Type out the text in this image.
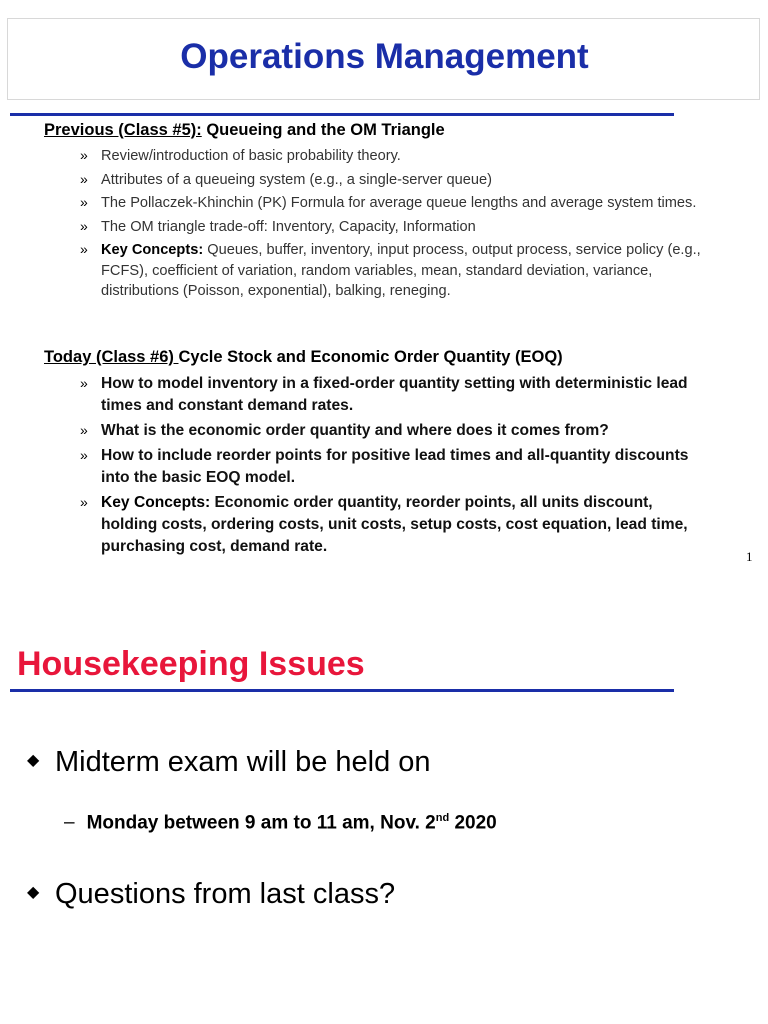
Operations Management
Previous (Class #5): Queueing and the OM Triangle
» Review/introduction of basic probability theory.
» Attributes of a queueing system (e.g., a single-server queue)
» The Pollaczek-Khinchin (PK) Formula for average queue lengths and average system times.
» The OM triangle trade-off: Inventory, Capacity, Information
» Key Concepts: Queues, buffer, inventory, input process, output process, service policy (e.g., FCFS), coefficient of variation, random variables, mean, standard deviation, variance, distributions (Poisson, exponential), balking, reneging.
Today (Class #6) Cycle Stock and Economic Order Quantity (EOQ)
» How to model inventory in a fixed-order quantity setting with deterministic lead times and constant demand rates.
» What is the economic order quantity and where does it comes from?
» How to include reorder points for positive lead times and all-quantity discounts into the basic EOQ model.
» Key Concepts: Economic order quantity, reorder points, all units discount, holding costs, ordering costs, unit costs, setup costs, cost equation, lead time, purchasing cost, demand rate.
1
Housekeeping Issues
◆ Midterm exam will be held on
– Monday between 9 am to 11 am, Nov. 2nd 2020
◆ Questions from last class?
